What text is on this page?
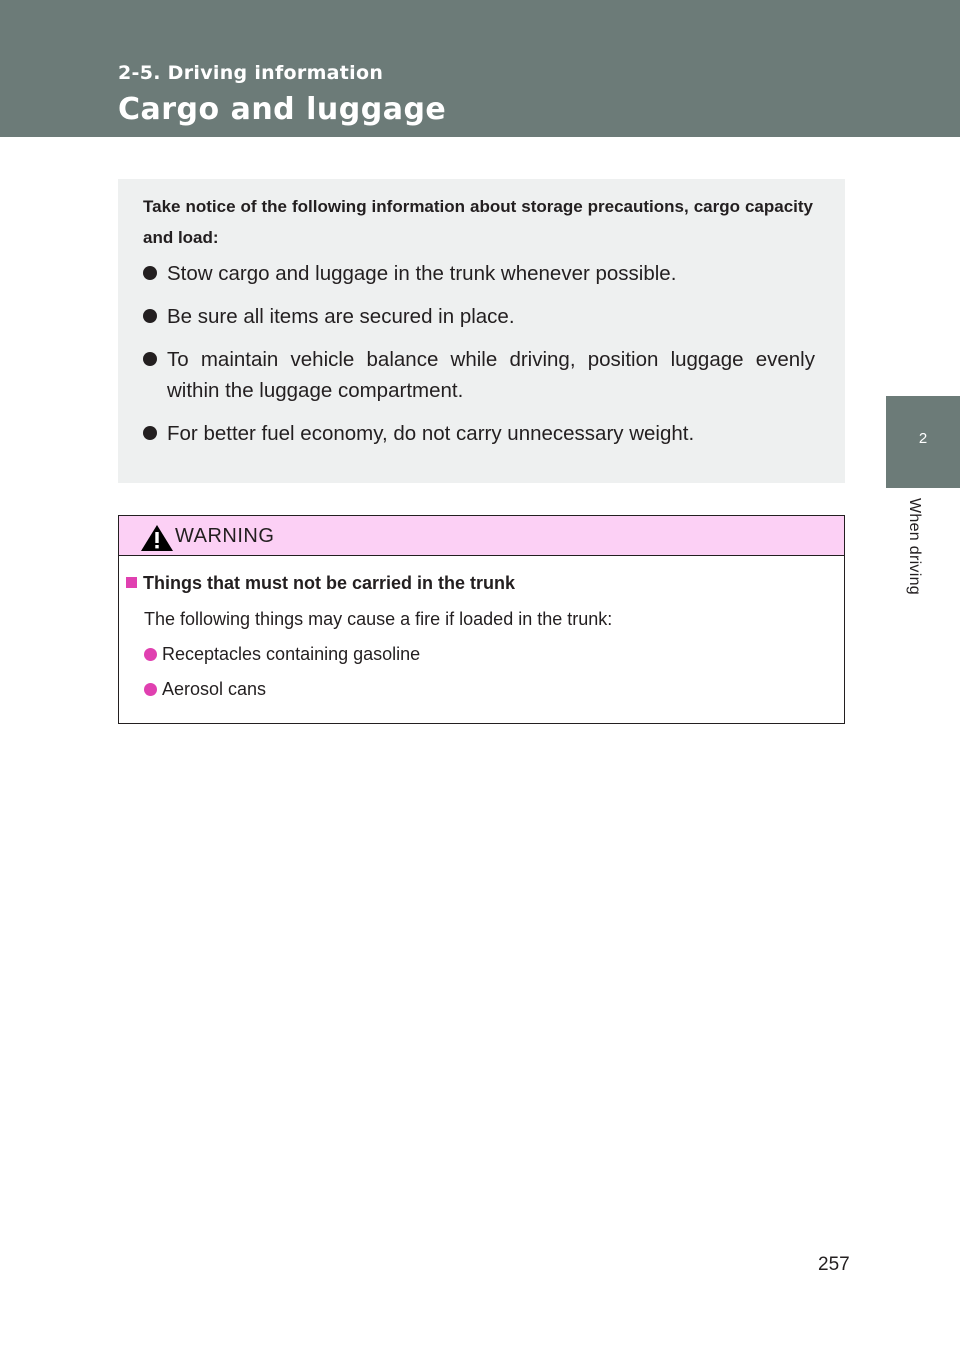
2-5. Driving information

Cargo and luggage
2
When driving

Take notice of the following information about storage precautions, cargo capacity and load:

Stow cargo and luggage in the trunk whenever possible.
Be sure all items are secured in place.
To maintain vehicle balance while driving, position luggage evenly within the luggage compartment.
For better fuel economy, do not carry unnecessary weight.
WARNING

Things that must not be carried in the trunk

The following things may cause a fire if loaded in the trunk:

Receptacles containing gasoline
Aerosol cans
257
